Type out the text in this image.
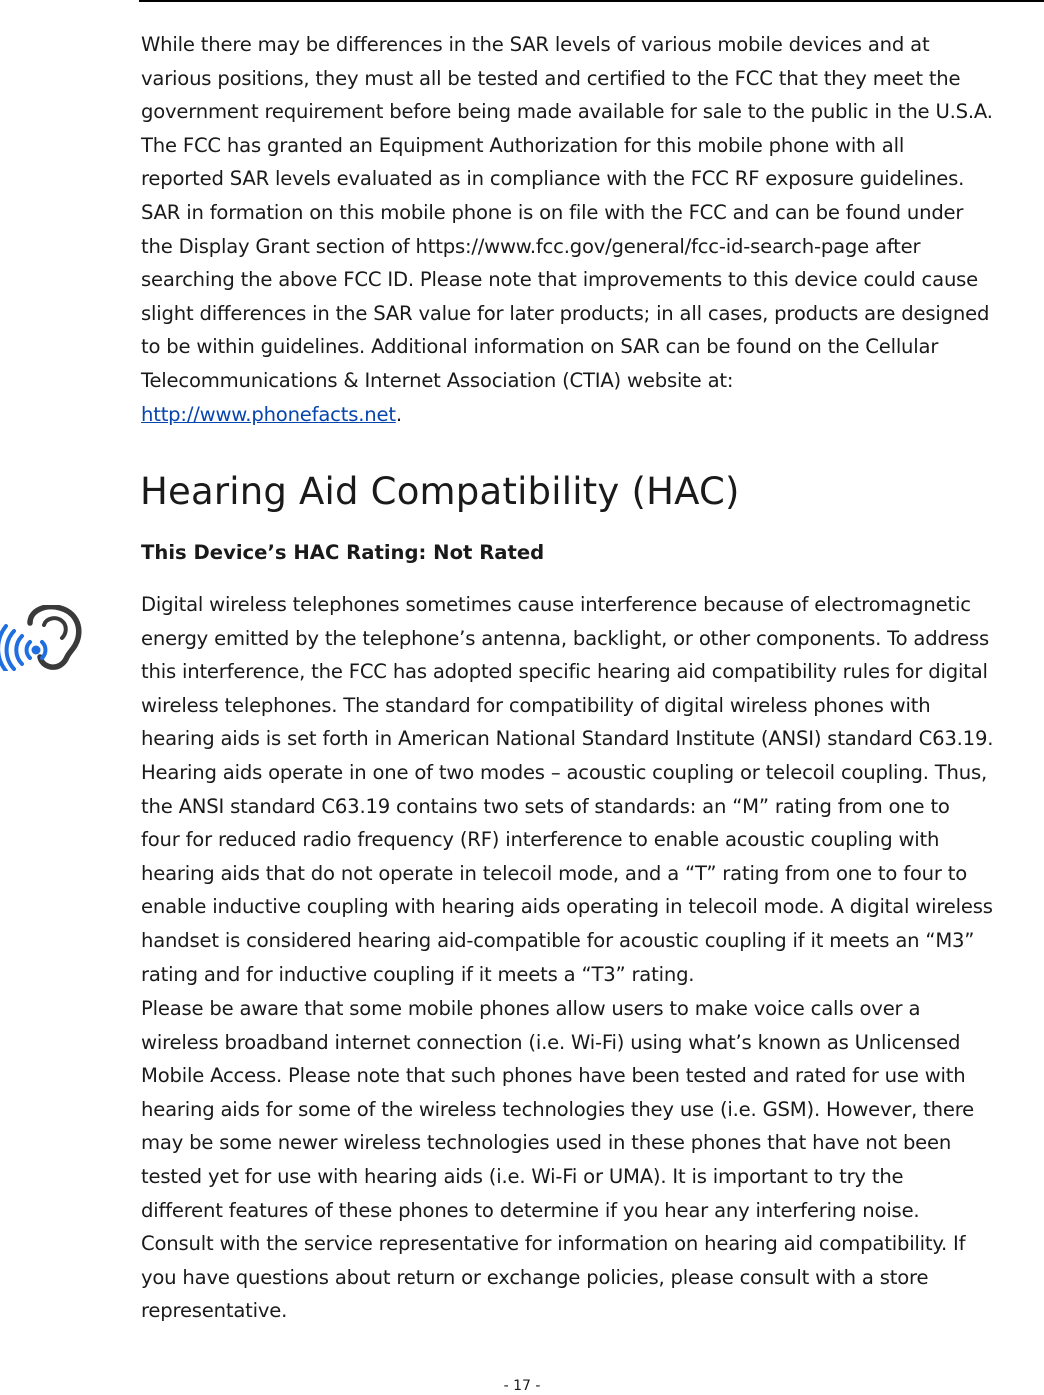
While there may be differences in the SAR levels of various mobile devices and at
various positions, they must all be tested and certified to the FCC that they meet the
government requirement before being made available for sale to the public in the U.S.A.
The FCC has granted an Equipment Authorization for this mobile phone with all
reported SAR levels evaluated as in compliance with the FCC RF exposure guidelines.
SAR in formation on this mobile phone is on file with the FCC and can be found under
the Display Grant section of https://www.fcc.gov/general/fcc-id-search-page after
searching the above FCC ID. Please note that improvements to this device could cause
slight differences in the SAR value for later products; in all cases, products are designed
to be within guidelines. Additional information on SAR can be found on the Cellular
Telecommunications & Internet Association (CTIA) website at:
http://www.phonefacts.net.
Hearing Aid Compatibility (HAC)

This Device’s HAC Rating: Not Rated

Digital wireless telephones sometimes cause interference because of electromagnetic
energy emitted by the telephone’s antenna, backlight, or other components. To address
this interference, the FCC has adopted specific hearing aid compatibility rules for digital
wireless telephones. The standard for compatibility of digital wireless phones with
hearing aids is set forth in American National Standard Institute (ANSI) standard C63.19.
Hearing aids operate in one of two modes – acoustic coupling or telecoil coupling. Thus,
the ANSI standard C63.19 contains two sets of standards: an “M” rating from one to
four for reduced radio frequency (RF) interference to enable acoustic coupling with
hearing aids that do not operate in telecoil mode, and a “T” rating from one to four to
enable inductive coupling with hearing aids operating in telecoil mode. A digital wireless
handset is considered hearing aid-compatible for acoustic coupling if it meets an “M3”
rating and for inductive coupling if it meets a “T3” rating.
Please be aware that some mobile phones allow users to make voice calls over a
wireless broadband internet connection (i.e. Wi-Fi) using what’s known as Unlicensed
Mobile Access. Please note that such phones have been tested and rated for use with
hearing aids for some of the wireless technologies they use (i.e. GSM). However, there
may be some newer wireless technologies used in these phones that have not been
tested yet for use with hearing aids (i.e. Wi-Fi or UMA). It is important to try the
different features of these phones to determine if you hear any interfering noise.
Consult with the service representative for information on hearing aid compatibility. If
you have questions about return or exchange policies, please consult with a store
representative.

- 17 -
